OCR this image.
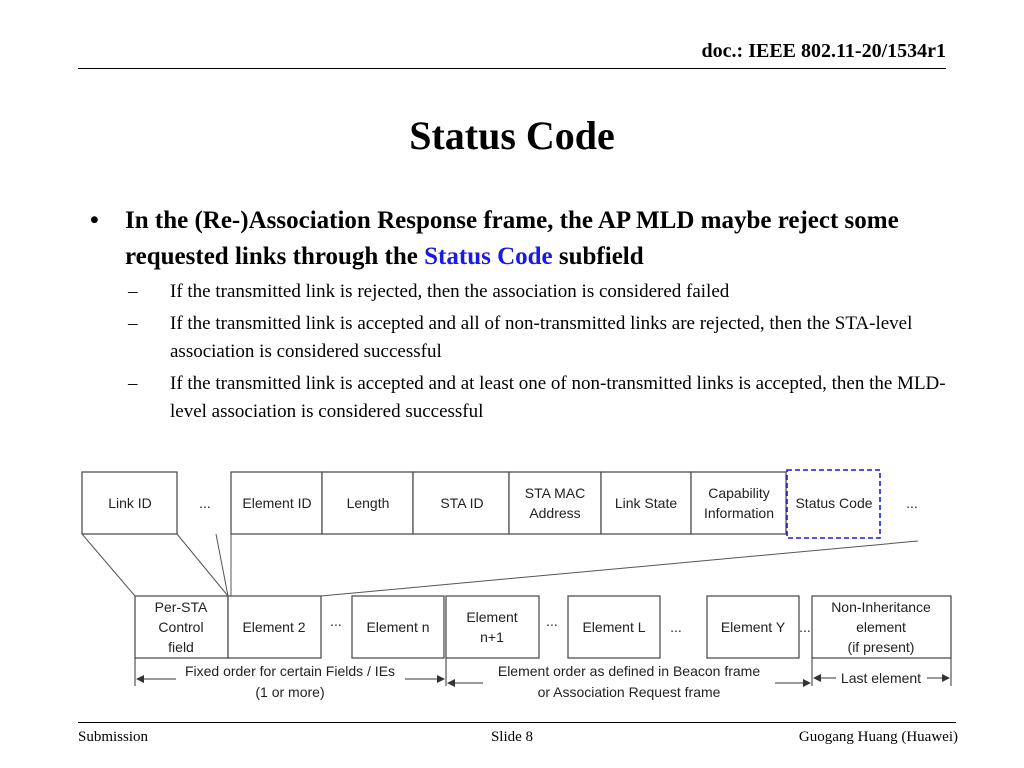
doc.: IEEE 802.11-20/1534r1
Status Code
• In the (Re-)Association Response frame, the AP MLD maybe reject some requested links through the Status Code subfield
– If the transmitted link is rejected, then the association is considered failed
– If the transmitted link is accepted and all of non-transmitted links are rejected, then the STA-level association is considered successful
– If the transmitted link is accepted and at least one of non-transmitted links is accepted, then the MLD-level association is considered successful
Link ID	... Element ID Length	STA ID
STA MAC
Address
Link State
Capability
Information
Status Code ...
Per-STA
Control
field
Element 2 ... Element n
Element
n+1
... Element L ...	Element Y ...
Non-Inheritance
element
(if present)
Fixed order for certain Fields / IEs
(1 or more)
Element order as defined in Beacon frame
or Association Request frame
Last element
Submission	Slide 8	Guogang Huang (Huawei)
